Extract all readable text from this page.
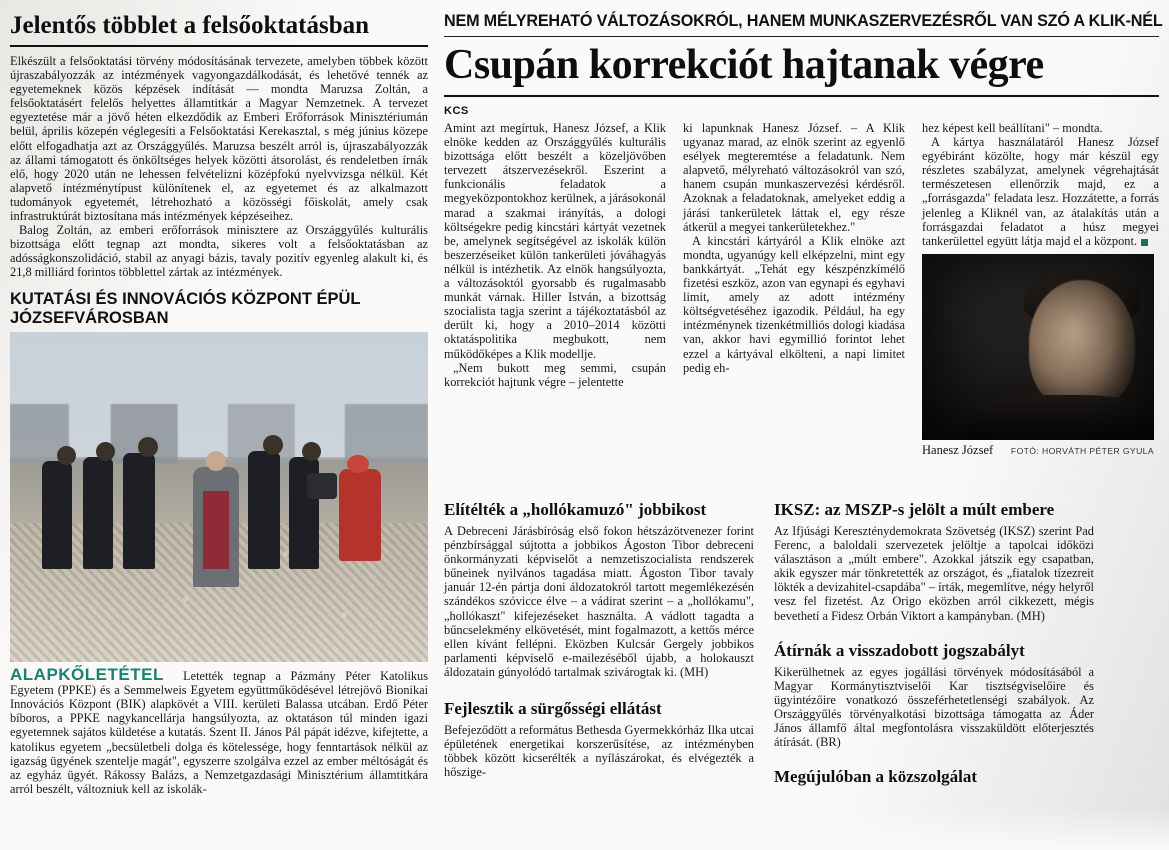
Jelentős többlet a felsőoktatásban

Elkészült a felsőoktatási törvény módosításának tervezete, amelyben többek között újraszabályozzák az intézmények vagyongazdálkodását, és lehetővé tennék az egyetemeknek közös képzések indítását — mondta Maruzsa Zoltán, a felsőoktatásért felelős helyettes államtitkár a Magyar Nemzetnek. A tervezet egyeztetése már a jövő héten elkezdődik az Emberi Erőforrások Minisztériumán belül, április közepén véglegesíti a Felsőoktatási Kerekasztal, s még június közepe előtt elfogadhatja azt az Országgyűlés. Maruzsa beszélt arról is, újraszabályozzák az állami támogatott és önköltséges helyek közötti átsorolást, és rendeletben írnák elő, hogy 2020 után ne lehessen felvételizni középfokú nyelvvizsga nélkül. Két alapvető intézménytípust különítenek el, az egyetemet és az alkalmazott tudományok egyetemét, létrehozható a közösségi főiskolát, amely csak infrastruktúrát biztosítana más intézmények képzéseihez.

Balog Zoltán, az emberi erőforrások minisztere az Országgyűlés kulturális bizottsága előtt tegnap azt mondta, sikeres volt a felsőoktatásban az adósságkonszolidáció, stabil az anyagi bázis, tavaly pozitív egyenleg alakult ki, és 21,8 milliárd forintos többlettel zártak az intézmények.

KUTATÁSI ÉS INNOVÁCIÓS KÖZPONT ÉPÜL JÓZSEFVÁROSBAN

ALAPKŐLETÉTEL Letették tegnap a Pázmány Péter Katolikus Egyetem (PPKE) és a Semmelweis Egyetem együttműködésével létrejövő Bionikai Innovációs Központ (BIK) alapkövét a VIII. kerületi Balassa utcában. Erdő Péter bíboros, a PPKE nagykancellárja hangsúlyozta, az oktatáson túl minden igazi egyetemnek sajátos küldetése a kutatás. Szent II. János Pál pápát idézve, kifejtette, a katolikus egyetem „becsületbeli dolga és kötelessége, hogy fenntartások nélkül az igazság ügyének szentelje magát", egyszerre szolgálva ezzel az ember méltóságát és az egyház ügyét. Rákossy Balázs, a Nemzetgazdasági Minisztérium államtitkára arról beszélt, változniuk kell az iskolák-

NEM MÉLYREHATÓ VÁLTOZÁSOKRÓL, HANEM MUNKASZERVEZÉSRŐL VAN SZÓ A KLIK-NÉL
Csupán korrekciót hajtanak végre
KCS

Amint azt megírtuk, Hanesz József, a Klik elnöke kedden az Országgyűlés kulturális bizottsága előtt beszélt a közeljövőben tervezett átszervezésekről. Eszerint a funkcionális feladatok a megyeközpontokhoz kerülnek, a járásokonál marad a szakmai irányítás, a dologi költségekre pedig kincstári kártyát vezetnek be, amelynek segítségével az iskolák külön beszerzéseiket külön tankerületi jóváhagyás nélkül is intézhetik. Az elnök hangsúlyozta, a változásoktól gyorsabb és rugalmasabb munkát várnak. Hiller István, a bizottság szocialista tagja szerint a tájékoztatásból az derült ki, hogy a 2010–2014 közötti oktatáspolitika megbukott, nem működőképes a Klik modellje.

„Nem bukott meg semmi, csupán korrekciót hajtunk végre – jelentette

ki lapunknak Hanesz József. – A Klik ugyanaz marad, az elnök szerint az egyenlő esélyek megteremtése a feladatunk. Nem alapvető, mélyreható változásokról van szó, hanem csupán munkaszervezési kérdésről. Azoknak a feladatoknak, amelyeket eddig a járási tankerületek láttak el, egy része átkerül a megyei tankerületekhez."

A kincstári kártyáról a Klik elnöke azt mondta, ugyanúgy kell elképzelni, mint egy bankkártyát. „Tehát egy készpénzkímélő fizetési eszköz, azon van egynapi és egyhavi limit, amely az adott intézmény költségvetéséhez igazodik. Például, ha egy intézménynek tizenkétmilliós dologi kiadása van, akkor havi egymillió forintot lehet ezzel a kártyával elkölteni, a napi limitet pedig eh-

hez képest kell beállítani" – mondta.

A kártya használatáról Hanesz József egyébiránt közölte, hogy már készül egy részletes szabályzat, amelynek végrehajtását természetesen ellenőrzik majd, ez a „forrásgazda" feladata lesz. Hozzátette, a forrás jelenleg a Kliknél van, az átalakítás után a forrásgazdai feladatot a húsz megyei tankerülettel együtt látja majd el a központ.

Hanesz József FOTÓ: HORVÁTH PÉTER GYULA
Elítélték a „hollókamuzó" jobbikost

A Debreceni Járásbíróság első fokon hétszázötvenezer forint pénzbírsággal sújtotta a jobbikos Ágoston Tibor debreceni önkormányzati képviselőt a nemzetiszocialista rendszerek bűneinek nyilvános tagadása miatt. Ágoston Tibor tavaly január 12-én pártja doni áldozatokról tartott megemlékezésén szándékos szóvicce élve – a vádirat szerint – a „hollókamu", „hollókaszt" kifejezéseket használta. A vádlott tagadta a bűncselekmény elkövetését, mint fogalmazott, a kettős mérce ellen kívánt fellépni. Eközben Kulcsár Gergely jobbikos parlamenti képviselő e-mailezéséből újabb, a holokauszt áldozatain gúnyolódó tartalmak szivárogtak ki. (MH)

Fejlesztik a sürgősségi ellátást

Befejeződött a református Bethesda Gyermekkórház Ilka utcai épületének energetikai korszerűsítése, az intézményben többek között kicserélték a nyílászárokat, és elvégezték a hőszige-

IKSZ: az MSZP-s jelölt a múlt embere

Az Ifjúsági Kereszténydemokrata Szövetség (IKSZ) szerint Pad Ferenc, a baloldali szervezetek jelöltje a tapolcai időközi választáson a „múlt embere". Azokkal játszik egy csapatban, akik egyszer már tönkretették az országot, és „fiatalok tízezreit lökték a devizahitel-csapdába" – írták, megemlítve, négy helyről vesz fel fizetést. Az Origo eközben arról cikkezett, mégis bevethetí a Fidesz Orbán Viktort a kampányban. (MH)

Átírnák a visszadobott jogszabályt

Kikerülhetnek az egyes jogállási törvények módosításából a Magyar Kormánytisztviselői Kar tisztségviselőire és ügyintézőire vonatkozó összeférhetetlenségi szabályok. Az Országgyűlés törvényalkotási bizottsága támogatta az Áder János államfő által megfontolásra visszaküldött előterjesztés átírását. (BR)

Megújulóban a közszolgálat
